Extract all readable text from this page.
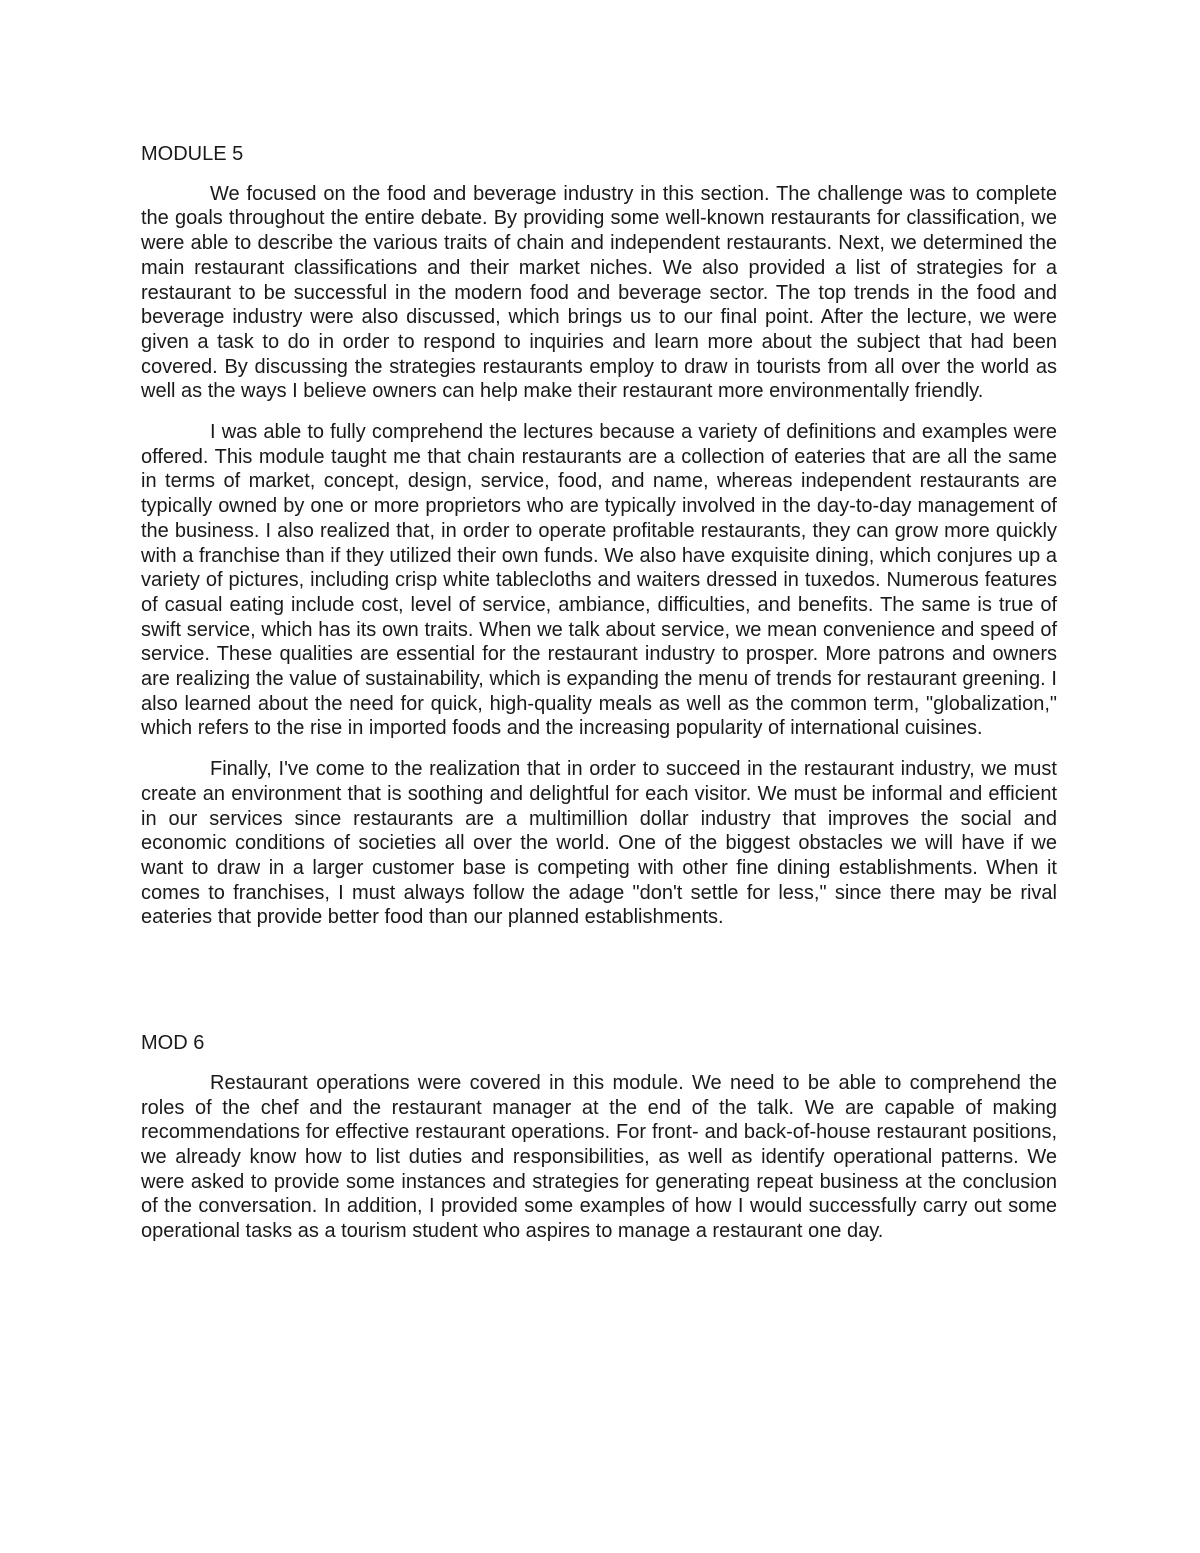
MODULE 5

We focused on the food and beverage industry in this section. The challenge was to complete the goals throughout the entire debate. By providing some well-known restaurants for classification, we were able to describe the various traits of chain and independent restaurants. Next, we determined the main restaurant classifications and their market niches. We also provided a list of strategies for a restaurant to be successful in the modern food and beverage sector. The top trends in the food and beverage industry were also discussed, which brings us to our final point. After the lecture, we were given a task to do in order to respond to inquiries and learn more about the subject that had been covered. By discussing the strategies restaurants employ to draw in tourists from all over the world as well as the ways I believe owners can help make their restaurant more environmentally friendly.

I was able to fully comprehend the lectures because a variety of definitions and examples were offered. This module taught me that chain restaurants are a collection of eateries that are all the same in terms of market, concept, design, service, food, and name, whereas independent restaurants are typically owned by one or more proprietors who are typically involved in the day-to-day management of the business. I also realized that, in order to operate profitable restaurants, they can grow more quickly with a franchise than if they utilized their own funds. We also have exquisite dining, which conjures up a variety of pictures, including crisp white tablecloths and waiters dressed in tuxedos. Numerous features of casual eating include cost, level of service, ambiance, difficulties, and benefits. The same is true of swift service, which has its own traits. When we talk about service, we mean convenience and speed of service. These qualities are essential for the restaurant industry to prosper. More patrons and owners are realizing the value of sustainability, which is expanding the menu of trends for restaurant greening. I also learned about the need for quick, high-quality meals as well as the common term, "globalization," which refers to the rise in imported foods and the increasing popularity of international cuisines.

Finally, I've come to the realization that in order to succeed in the restaurant industry, we must create an environment that is soothing and delightful for each visitor. We must be informal and efficient in our services since restaurants are a multimillion dollar industry that improves the social and economic conditions of societies all over the world. One of the biggest obstacles we will have if we want to draw in a larger customer base is competing with other fine dining establishments. When it comes to franchises, I must always follow the adage "don't settle for less," since there may be rival eateries that provide better food than our planned establishments.

MOD 6

Restaurant operations were covered in this module. We need to be able to comprehend the roles of the chef and the restaurant manager at the end of the talk. We are capable of making recommendations for effective restaurant operations. For front- and back-of-house restaurant positions, we already know how to list duties and responsibilities, as well as identify operational patterns. We were asked to provide some instances and strategies for generating repeat business at the conclusion of the conversation. In addition, I provided some examples of how I would successfully carry out some operational tasks as a tourism student who aspires to manage a restaurant one day.
